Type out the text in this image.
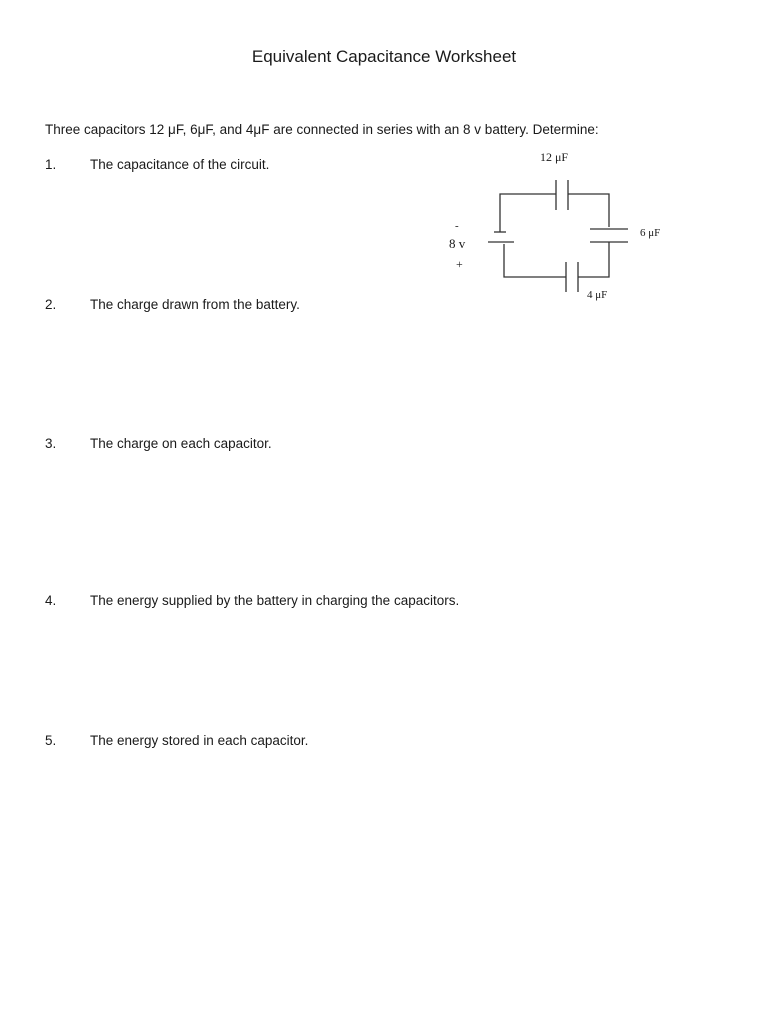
Equivalent Capacitance Worksheet
Three capacitors 12 μF, 6μF, and 4μF are connected in series with an 8 v battery. Determine:
1. The capacitance of the circuit.
2. The charge drawn from the battery.
3. The charge on each capacitor.
4. The energy supplied by the battery in charging the capacitors.
5. The energy stored in each capacitor.
12 μF
6 μF
4 μF
-
8 v
+
